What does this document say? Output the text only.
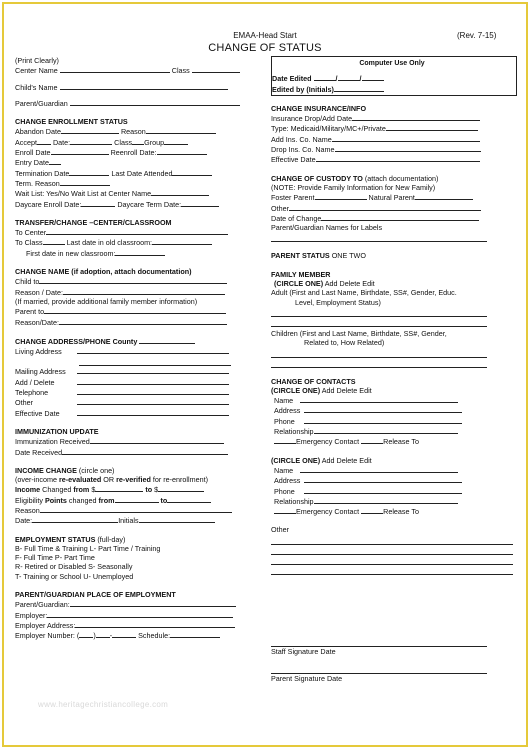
EMAA-Head Start
CHANGE OF STATUS
(Rev. 7-15)
(Print Clearly)
Center Name	Class
Child's Name
Parent/Guardian
CHANGE ENROLLMENT STATUS
Abandon Date	Reason
Accept Date:	Class Group
Enroll Date	Reenroll Date:
Entry Date
Termination Date	Last Date Attended
Term. Reason
Wait List: Yes/No Wait List at Center Name
Daycare Enroll Date:	Daycare Term Date:
TRANSFER/CHANGE –CENTER/CLASSROOM
To Center
To Class	Last date in old classroom:
First date in new classroom:
CHANGE NAME (if adoption, attach documentation)
Child to
Reason / Date:
(If married, provide additional family member information)
Parent to
Reason/Date:
CHANGE ADDRESS/PHONE County
Living Address
Mailing Address
Add / Delete
Telephone
Other
Effective Date
IMMUNIZATION UPDATE
Immunization Received
Date Received
INCOME CHANGE (circle one)
(over-income re-evaluated OR re-verified for re-enrollment)
Income Changed from $	to $
Eligibility Points changed from	to
Reason
Date:	Initials
EMPLOYMENT STATUS (full-day)
B- Full Time & Training L- Part Time / Training
F- Full Time P- Part Time
R- Retired or Disabled S- Seasonally
T- Training or School U- Unemployed
PARENT/GUARDIAN PLACE OF EMPLOYMENT
Parent/Guardian:
Employer:
Employer Address:
Employer Number: ( ) -	Schedule:
Computer Use Only
Date Edited	/	/
Edited by (Initials)
CHANGE INSURANCE/INFO
Insurance Drop/Add Date
Type: Medicaid/Military/MC+/Private
Add Ins. Co. Name
Drop Ins. Co. Name
Effective Date
CHANGE OF CUSTODY TO (attach documentation)
(NOTE: Provide Family Information for New Family)
Foster Parent	Natural Parent
Other
Date of Change
Parent/Guardian Names for Labels
PARENT STATUS ONE TWO
FAMILY MEMBER
(CIRCLE ONE) Add Delete Edit
Adult (First and Last Name, Birthdate, SS#, Gender, Educ.
Level, Employment Status)
Children (First and Last Name, Birthdate, SS#, Gender,
Related to, How Related)
CHANGE OF CONTACTS
(CIRCLE ONE) Add Delete Edit
Name
Address
Phone
Relationship
Emergency Contact	Release To
(CIRCLE ONE) Add Delete Edit
Name
Address
Phone
Relationship
Emergency Contact	Release To
Other
Staff Signature Date
Parent Signature Date
www.heritagechristiancollege.com
